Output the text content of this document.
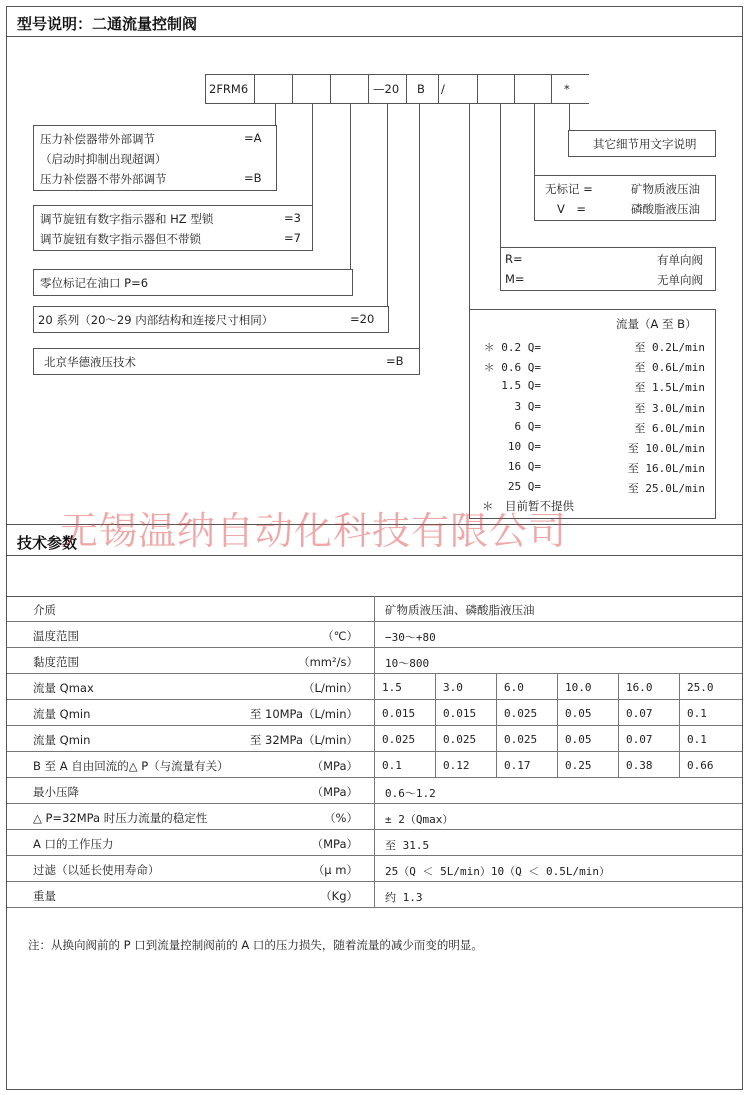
型号说明：二通流量控制阀
2FRM6	—20 B /	*
压力补偿器带外部调节	=A
（启动时抑制出现超调）
压力补偿器不带外部调节	=B
调节旋钮有数字指示器和 HZ 型锁	=3
调节旋钮有数字指示器但不带锁	=7
零位标记在油口 P=6
20 系列（20～29 内部结构和连接尺寸相同）	=20
北京华德液压技术	=B
其它细节用文字说明
无标记 =	矿物质液压油
V　=	磷酸脂液压油
R=	有单向阀
M=	无单向阀
流量（A 至 B）
＊ 0.2 Q=	至 0.2L/min
＊ 0.6 Q=	至 0.6L/min
1.5 Q=	至 1.5L/min
3 Q=	至 3.0L/min
6 Q=	至 6.0L/min
10 Q=	至 10.0L/min
16 Q=	至 16.0L/min
25 Q=	至 25.0L/min
＊　目前暂不提供
技术参数
无锡温纳自动化科技有限公司
介质	矿物质液压油、磷酸脂液压油
温度范围	（℃） −30～+80
黏度范围	（mm²/s） 10～800
流量 Qmax	（L/min） 1.5	3.0	6.0	10.0	16.0	25.0
流量 Qmin	至 10MPa（L/min） 0.015	0.015	0.025	0.05	0.07	0.1
流量 Qmin	至 32MPa（L/min） 0.025	0.025	0.025	0.05	0.07	0.1
B 至 A 自由回流的△ P（与流量有关）	（MPa） 0.1	0.12	0.17	0.25	0.38	0.66
最小压降	（MPa） 0.6～1.2
△ P=32MPa 时压力流量的稳定性	（%） ± 2（Qmax）
A 口的工作压力	（MPa） 至 31.5
过滤（以延长使用寿命）	（μ m） 25（Q ＜ 5L/min）10（Q ＜ 0.5L/min）
重量	（Kg） 约 1.3
注：从换向阀前的 P 口到流量控制阀前的 A 口的压力损失，随着流量的减少而变的明显。
